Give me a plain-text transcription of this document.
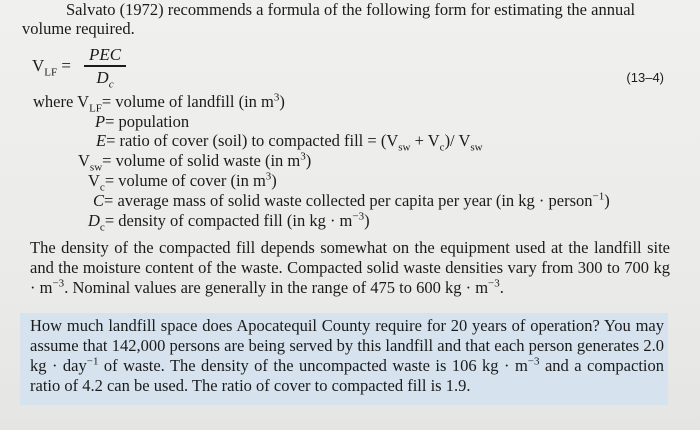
Salvato (1972) recommends a formula of the following form for estimating the annual
volume required.
$V_{LF}$ =
PEC
$D_c$	(13–4)
where $V_{LF}=$ volume of landfill (in $m^3$)
P= population
E= ratio of cover (soil) to compacted fill = $(V_{sw} + V_c)/$ $V_{sw}$
$V_{sw}=$ volume of solid waste (in $m^3$)
$V_c=$ volume of cover (in $m^3$)
C= average mass of solid waste collected per capita per year (in kg · person$^{-1}$)
$D_c=$ density of compacted fill (in kg · $m^{-3}$)
The density of the compacted fill depends somewhat on the equipment used at the landfill site and the moisture content of the waste. Compacted solid waste densities vary from 300 to 700 kg · $m^{-3}$. Nominal values are generally in the range of 475 to 600 kg · $m^{-3}$.
How much landfill space does Apocatequil County require for 20 years of operation? You may assume that 142,000 persons are being served by this landfill and that each person generates 2.0 kg · day$^{-1}$ of waste. The density of the uncompacted waste is 106 kg · $m^{-3}$ and a compaction ratio of 4.2 can be used. The ratio of cover to compacted fill is 1.9.
